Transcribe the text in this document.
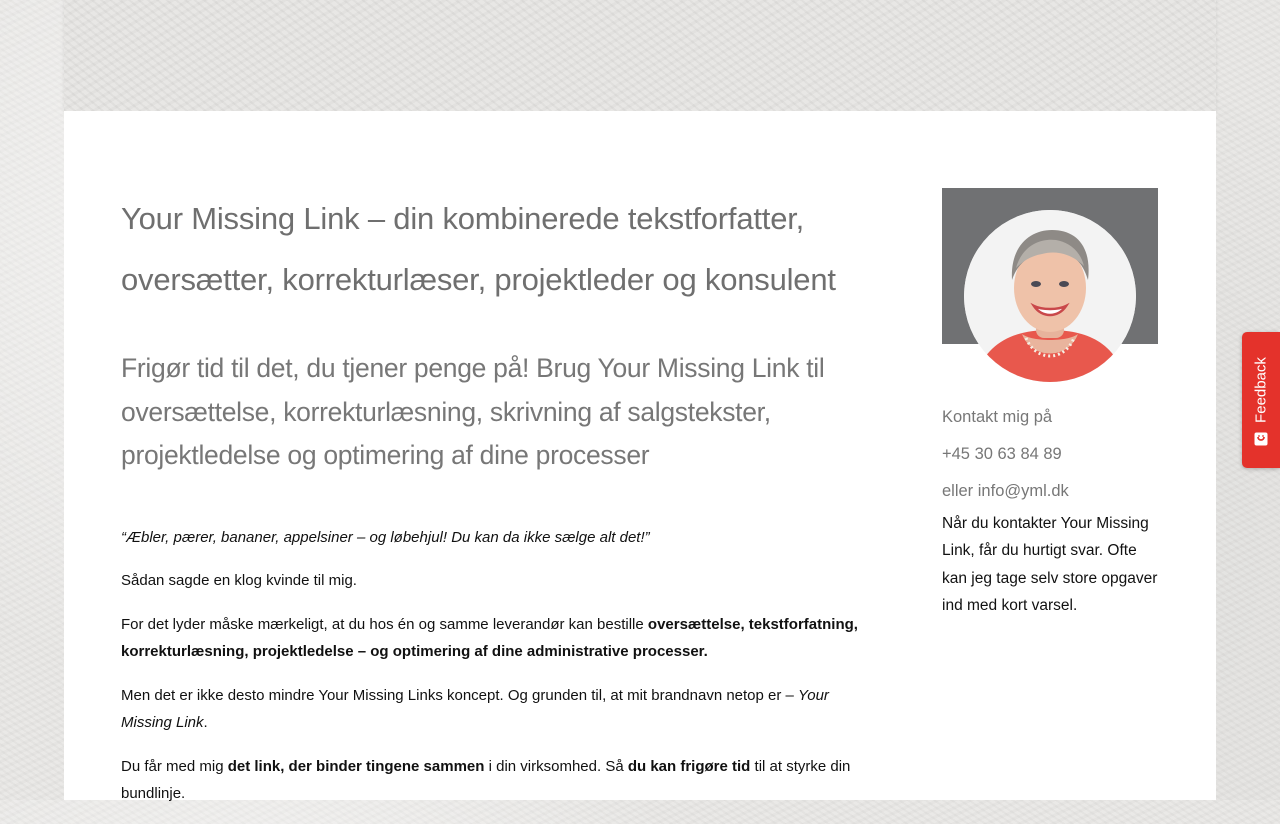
Your Missing Link – din kombinerede tekstforfatter, oversætter, korrekturlæser, projektleder og konsulent
Frigør tid til det, du tjener penge på! Brug Your Missing Link til oversættelse, korrekturlæsning, skrivning af salgstekster, projektledelse og optimering af dine processer

“Æbler, pærer, bananer, appelsiner – og løbehjul! Du kan da ikke sælge alt det!”

Sådan sagde en klog kvinde til mig.

For det lyder måske mærkeligt, at du hos én og samme leverandør kan bestille oversættelse, tekstforfatning, korrekturlæsning, projektledelse – og optimering af dine administrative processer.

Men det er ikke desto mindre Your Missing Links koncept. Og grunden til, at mit brandnavn netop er – Your Missing Link.

Du får med mig det link, der binder tingene sammen i din virksomhed. Så du kan frigøre tid til at styrke din bundlinje.

Kontakt mig på

+45 30 63 84 89

eller info@yml.dk

Når du kontakter Your Missing Link, får du hurtigt svar. Ofte kan jeg tage selv store opgaver ind med kort varsel.

Feedback
